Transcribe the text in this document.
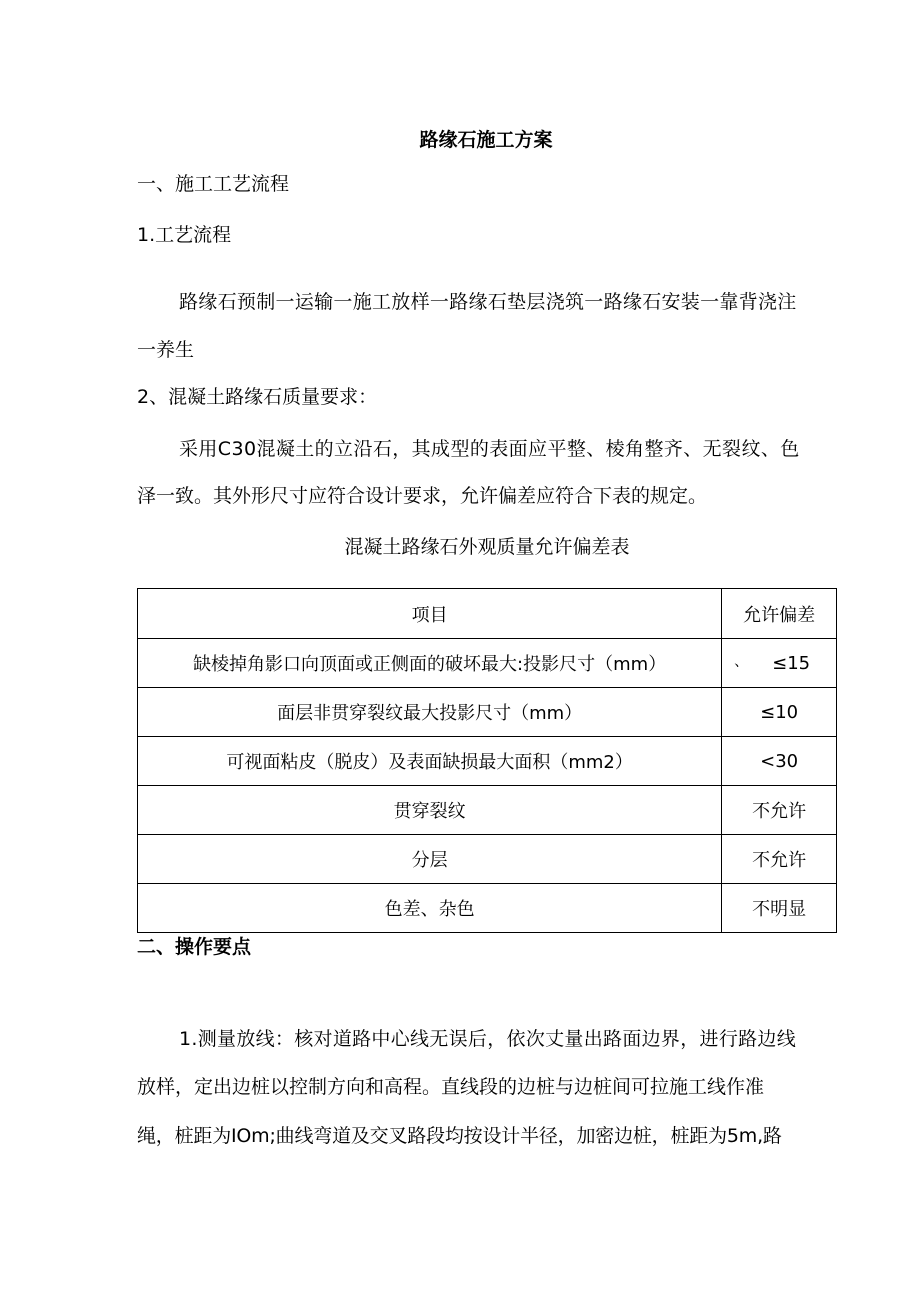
路缘石施工方案
一、施工工艺流程
1.工艺流程
路缘石预制一运输一施工放样一路缘石垫层浇筑一路缘石安装一靠背浇注
一养生
2、混凝土路缘石质量要求：
采用C30混凝土的立沿石，其成型的表面应平整、棱角整齐、无裂纹、色
泽一致。其外形尺寸应符合设计要求，允许偏差应符合下表的规定。
混凝土路缘石外观质量允许偏差表
项目	允许偏差
缺棱掉角影口向顶面或正侧面的破坏最大:投影尺寸（mm）	、 ≤15
面层非贯穿裂纹最大投影尺寸（mm）	≤10
可视面粘皮（脱皮）及表面缺损最大面积（mm2）	<30
贯穿裂纹	不允许
分层	不允许
色差、杂色	不明显
二、操作要点
1.测量放线：核对道路中心线无误后，依次丈量出路面边界，进行路边线
放样，定出边桩以控制方向和高程。直线段的边桩与边桩间可拉施工线作准
绳，桩距为IOm;曲线弯道及交叉路段均按设计半径，加密边桩，桩距为5m,路
